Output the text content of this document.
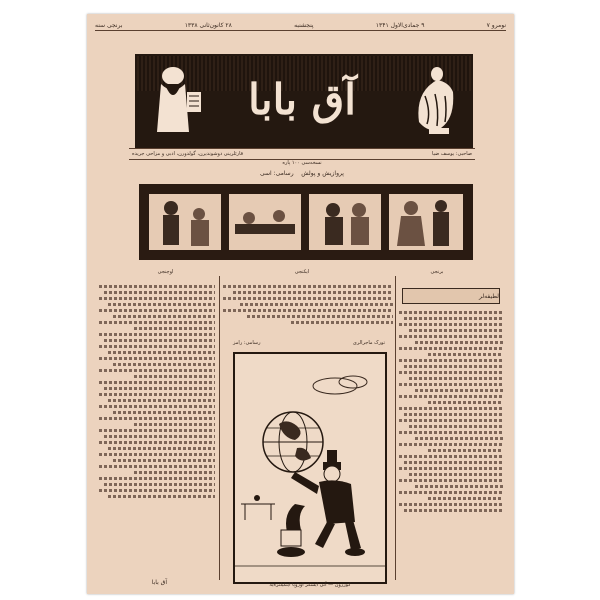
نومرو ۷
۹ جمادی‌الاول ۱۳۴۱
پنجشنبه
۲۸ کانون‌ثانی ۱۳۳۸
برنجی سنه
آق بابا
صاحبی: یوسف ضیا
قارئلرینی دوشوندیرن، گولدورن، ادبی و مزاحی جریده
نسخه‌سی ۱۰۰ پاره
پروازیش و پولش    رسامی: اسی
برنجی
ایکنجی
اوچنجی
لطیفه‌لر
تورک ماجرالری
رسامی: رامز
کورزون — آنی ایسکر اوروپا اینکیلتره‌یه
آق بابا
